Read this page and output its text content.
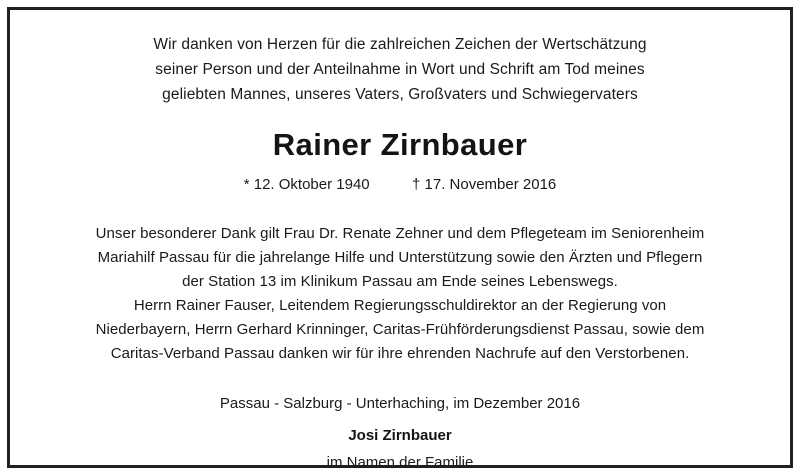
Wir danken von Herzen für die zahlreichen Zeichen der Wertschätzung
seiner Person und der Anteilnahme in Wort und Schrift am Tod meines
geliebten Mannes, unseres Vaters, Großvaters und Schwiegervaters
Rainer Zirnbauer
* 12. Oktober 1940	† 17. November 2016
Unser besonderer Dank gilt Frau Dr. Renate Zehner und dem Pflegeteam im Seniorenheim
Mariahilf Passau für die jahrelange Hilfe und Unterstützung sowie den Ärzten und Pflegern
der Station 13 im Klinikum Passau am Ende seines Lebenswegs.
Herrn Rainer Fauser, Leitendem Regierungsschuldirektor an der Regierung von
Niederbayern, Herrn Gerhard Krinninger, Caritas-Frühförderungsdienst Passau, sowie dem
Caritas-Verband Passau danken wir für ihre ehrenden Nachrufe auf den Verstorbenen.
Passau - Salzburg - Unterhaching, im Dezember 2016
Josi Zirnbauer
im Namen der Familie
